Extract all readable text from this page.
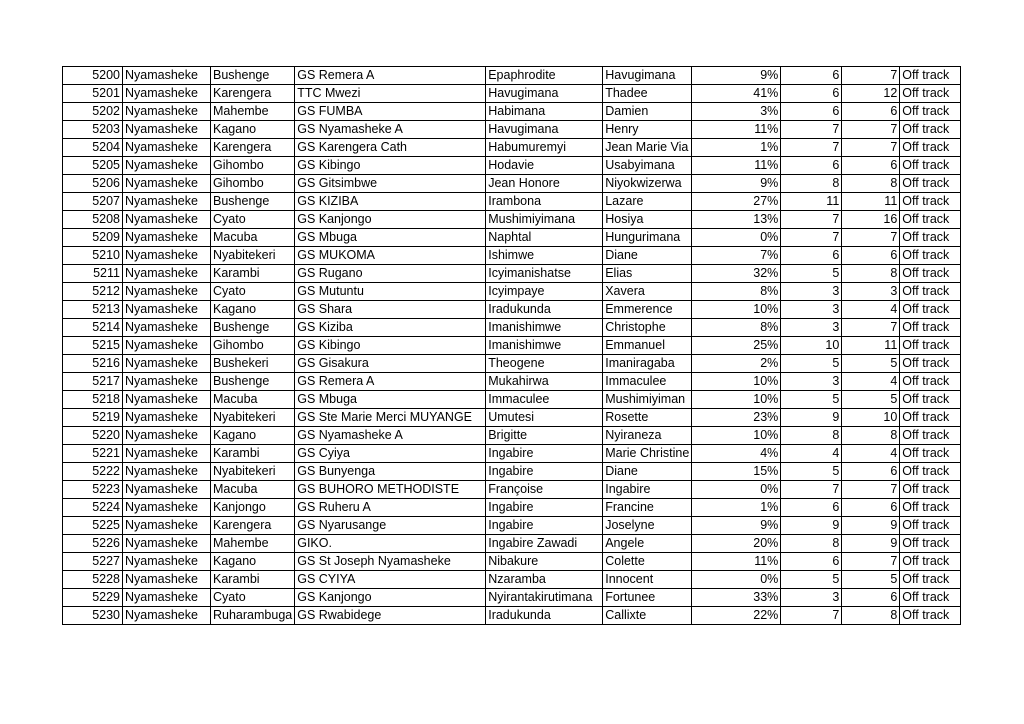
5200	Nyamasheke	Bushenge	GS Remera A	Epaphrodite	Havugimana	9%	6	7	Off track
5201	Nyamasheke	Karengera	TTC Mwezi	Havugimana	Thadee	41%	6	12	Off track
5202	Nyamasheke	Mahembe	GS FUMBA	Habimana	Damien	3%	6	6	Off track
5203	Nyamasheke	Kagano	GS Nyamasheke A	Havugimana	Henry	11%	7	7	Off track
5204	Nyamasheke	Karengera	GS Karengera Cath	Habumuremyi	Jean Marie Via	1%	7	7	Off track
5205	Nyamasheke	Gihombo	GS Kibingo	Hodavie	Usabyimana	11%	6	6	Off track
5206	Nyamasheke	Gihombo	GS Gitsimbwe	Jean Honore	Niyokwizerwa	9%	8	8	Off track
5207	Nyamasheke	Bushenge	GS KIZIBA	Irambona	Lazare	27%	11	11	Off track
5208	Nyamasheke	Cyato	GS Kanjongo	Mushimiyimana	Hosiya	13%	7	16	Off track
5209	Nyamasheke	Macuba	GS Mbuga	Naphtal	Hungurimana	0%	7	7	Off track
5210	Nyamasheke	Nyabitekeri	GS MUKOMA	Ishimwe	Diane	7%	6	6	Off track
5211	Nyamasheke	Karambi	GS Rugano	Icyimanishatse	Elias	32%	5	8	Off track
5212	Nyamasheke	Cyato	GS Mutuntu	Icyimpaye	Xavera	8%	3	3	Off track
5213	Nyamasheke	Kagano	GS Shara	Iradukunda	Emmerence	10%	3	4	Off track
5214	Nyamasheke	Bushenge	GS Kiziba	Imanishimwe	Christophe	8%	3	7	Off track
5215	Nyamasheke	Gihombo	GS Kibingo	Imanishimwe	Emmanuel	25%	10	11	Off track
5216	Nyamasheke	Bushekeri	GS Gisakura	Theogene	Imaniragaba	2%	5	5	Off track
5217	Nyamasheke	Bushenge	GS Remera A	Mukahirwa	Immaculee	10%	3	4	Off track
5218	Nyamasheke	Macuba	GS Mbuga	Immaculee	Mushimiyiman	10%	5	5	Off track
5219	Nyamasheke	Nyabitekeri	GS Ste Marie Merci MUYANGE	Umutesi	Rosette	23%	9	10	Off track
5220	Nyamasheke	Kagano	GS Nyamasheke A	Brigitte	Nyiraneza	10%	8	8	Off track
5221	Nyamasheke	Karambi	GS Cyiya	Ingabire	Marie Christine	4%	4	4	Off track
5222	Nyamasheke	Nyabitekeri	GS Bunyenga	Ingabire	Diane	15%	5	6	Off track
5223	Nyamasheke	Macuba	GS BUHORO METHODISTE	Françoise	Ingabire	0%	7	7	Off track
5224	Nyamasheke	Kanjongo	GS Ruheru A	Ingabire	Francine	1%	6	6	Off track
5225	Nyamasheke	Karengera	GS Nyarusange	Ingabire	Joselyne	9%	9	9	Off track
5226	Nyamasheke	Mahembe	GIKO.	Ingabire Zawadi	Angele	20%	8	9	Off track
5227	Nyamasheke	Kagano	GS St Joseph Nyamasheke	Nibakure	Colette	11%	6	7	Off track
5228	Nyamasheke	Karambi	GS CYIYA	Nzaramba	Innocent	0%	5	5	Off track
5229	Nyamasheke	Cyato	GS Kanjongo	Nyirantakirutimana	Fortunee	33%	3	6	Off track
5230	Nyamasheke	Ruharambuga	GS Rwabidege	Iradukunda	Callixte	22%	7	8	Off track
